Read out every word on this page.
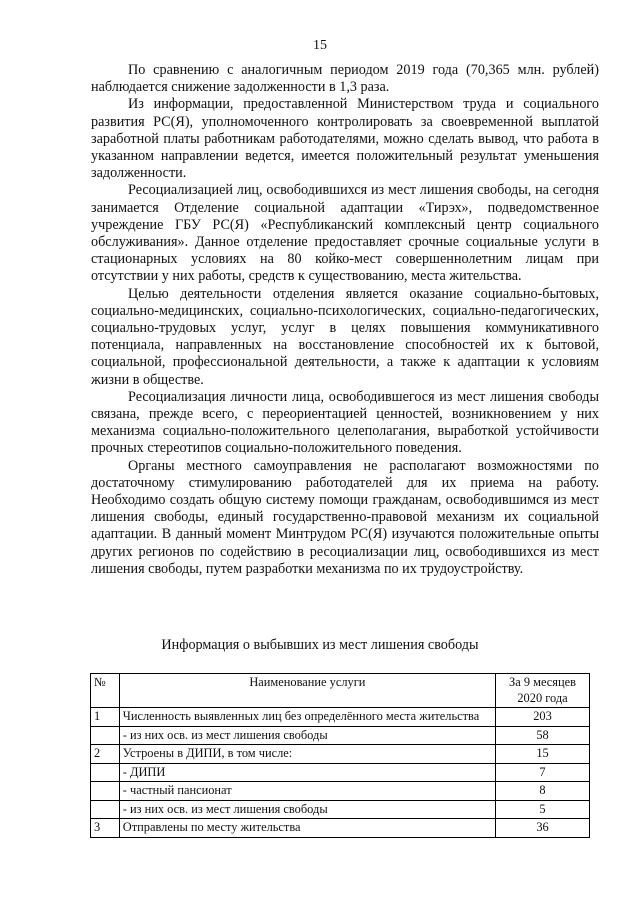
15

По сравнению с аналогичным периодом 2019 года (70,365 млн. рублей) наблюдается снижение задолженности в 1,3 раза.

Из информации, предоставленной Министерством труда и социального развития РС(Я), уполномоченного контролировать за своевременной выплатой заработной платы работникам работодателями, можно сделать вывод, что работа в указанном направлении ведется, имеется положительный результат уменьшения задолженности.

Ресоциализацией лиц, освободившихся из мест лишения свободы, на сегодня занимается Отделение социальной адаптации «Тирэх», подведомственное учреждение ГБУ РС(Я) «Республиканский комплексный центр социального обслуживания». Данное отделение предоставляет срочные социальные услуги в стационарных условиях на 80 койко-мест совершеннолетним лицам при отсутствии у них работы, средств к существованию, места жительства.

Целью деятельности отделения является оказание социально-бытовых, социально-медицинских, социально-психологических, социально-педагогических, социально-трудовых услуг, услуг в целях повышения коммуникативного потенциала, направленных на восстановление способностей их к бытовой, социальной, профессиональной деятельности, а также к адаптации к условиям жизни в обществе.

Ресоциализация личности лица, освободившегося из мест лишения свободы связана, прежде всего, с переориентацией ценностей, возникновением у них механизма социально-положительного целеполагания, выработкой устойчивости прочных стереотипов социально-положительного поведения.

Органы местного самоуправления не располагают возможностями по достаточному стимулированию работодателей для их приема на работу. Необходимо создать общую систему помощи гражданам, освободившимся из мест лишения свободы, единый государственно-правовой механизм их социальной адаптации. В данный момент Минтрудом РС(Я) изучаются положительные опыты других регионов по содействию в ресоциализации лиц, освободившихся из мест лишения свободы, путем разработки механизма по их трудоустройству.

Информация о выбывших из мест лишения свободы
№	Наименование услуги	За 9 месяцев 2020 года
1	Численность выявленных лиц без определённого места жительства	203
	- из них осв. из мест лишения свободы	58
2	Устроены в ДИПИ, в том числе:	15
	- ДИПИ	7
	- частный пансионат	8
	- из них осв. из мест лишения свободы	5
3	Отправлены по месту жительства	36
